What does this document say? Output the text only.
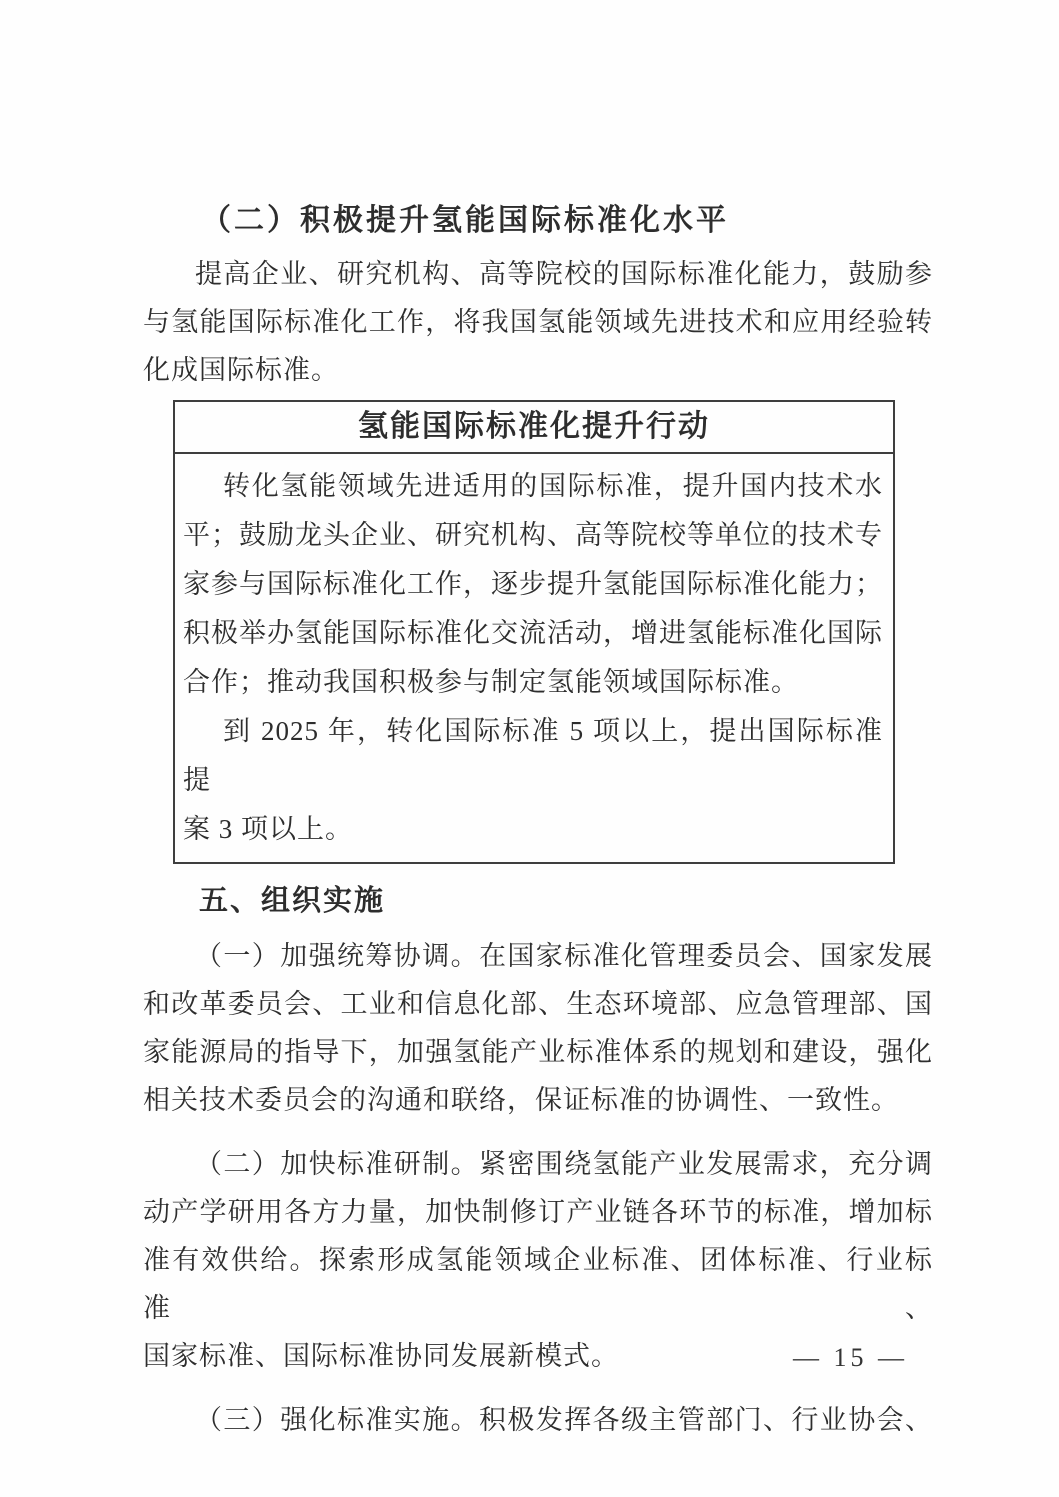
（二）积极提升氢能国际标准化水平
提高企业、研究机构、高等院校的国际标准化能力，鼓励参
与氢能国际标准化工作，将我国氢能领域先进技术和应用经验转
化成国际标准。
氢能国际标准化提升行动
转化氢能领域先进适用的国际标准，提升国内技术水
平；鼓励龙头企业、研究机构、高等院校等单位的技术专
家参与国际标准化工作，逐步提升氢能国际标准化能力；
积极举办氢能国际标准化交流活动，增进氢能标准化国际
合作；推动我国积极参与制定氢能领域国际标准。
到 2025 年，转化国际标准 5 项以上，提出国际标准提
案 3 项以上。
五、组织实施
（一）加强统筹协调。在国家标准化管理委员会、国家发展
和改革委员会、工业和信息化部、生态环境部、应急管理部、国
家能源局的指导下，加强氢能产业标准体系的规划和建设，强化
相关技术委员会的沟通和联络，保证标准的协调性、一致性。
（二）加快标准研制。紧密围绕氢能产业发展需求，充分调
动产学研用各方力量，加快制修订产业链各环节的标准，增加标
准有效供给。探索形成氢能领域企业标准、团体标准、行业标准、
国家标准、国际标准协同发展新模式。
（三）强化标准实施。积极发挥各级主管部门、行业协会、
— 15 —
